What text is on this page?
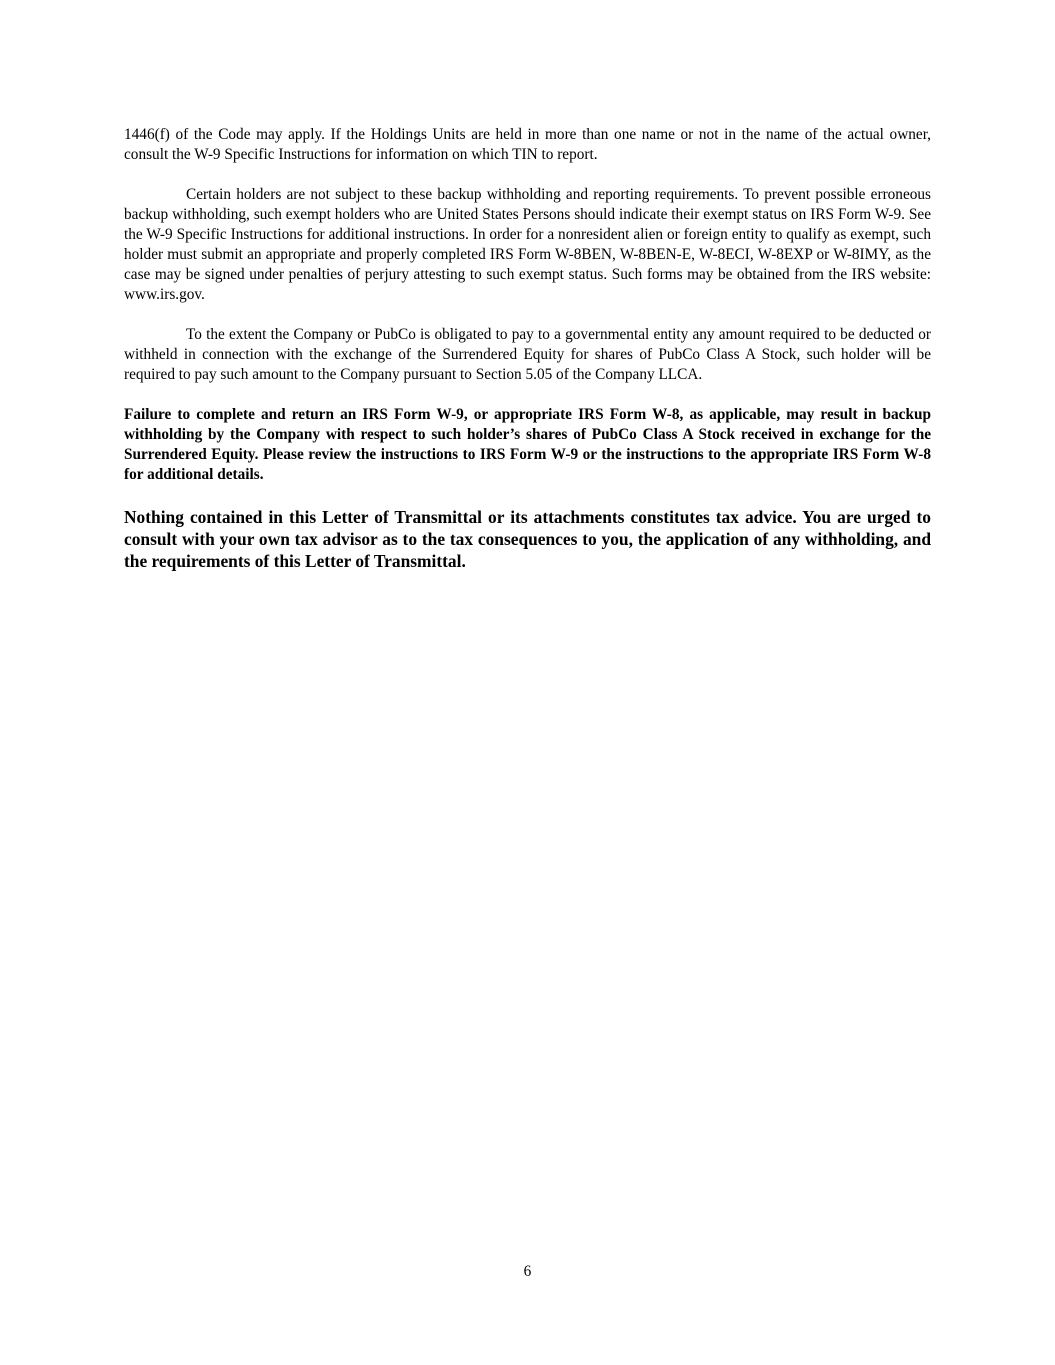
1446(f) of the Code may apply. If the Holdings Units are held in more than one name or not in the name of the actual owner, consult the W-9 Specific Instructions for information on which TIN to report.

Certain holders are not subject to these backup withholding and reporting requirements. To prevent possible erroneous backup withholding, such exempt holders who are United States Persons should indicate their exempt status on IRS Form W-9. See the W-9 Specific Instructions for additional instructions. In order for a nonresident alien or foreign entity to qualify as exempt, such holder must submit an appropriate and properly completed IRS Form W-8BEN, W-8BEN-E, W-8ECI, W-8EXP or W-8IMY, as the case may be signed under penalties of perjury attesting to such exempt status. Such forms may be obtained from the IRS website: www.irs.gov.

To the extent the Company or PubCo is obligated to pay to a governmental entity any amount required to be deducted or withheld in connection with the exchange of the Surrendered Equity for shares of PubCo Class A Stock, such holder will be required to pay such amount to the Company pursuant to Section 5.05 of the Company LLCA.

Failure to complete and return an IRS Form W-9, or appropriate IRS Form W-8, as applicable, may result in backup withholding by the Company with respect to such holder’s shares of PubCo Class A Stock received in exchange for the Surrendered Equity. Please review the instructions to IRS Form W-9 or the instructions to the appropriate IRS Form W-8 for additional details.

Nothing contained in this Letter of Transmittal or its attachments constitutes tax advice. You are urged to consult with your own tax advisor as to the tax consequences to you, the application of any withholding, and the requirements of this Letter of Transmittal.

6
